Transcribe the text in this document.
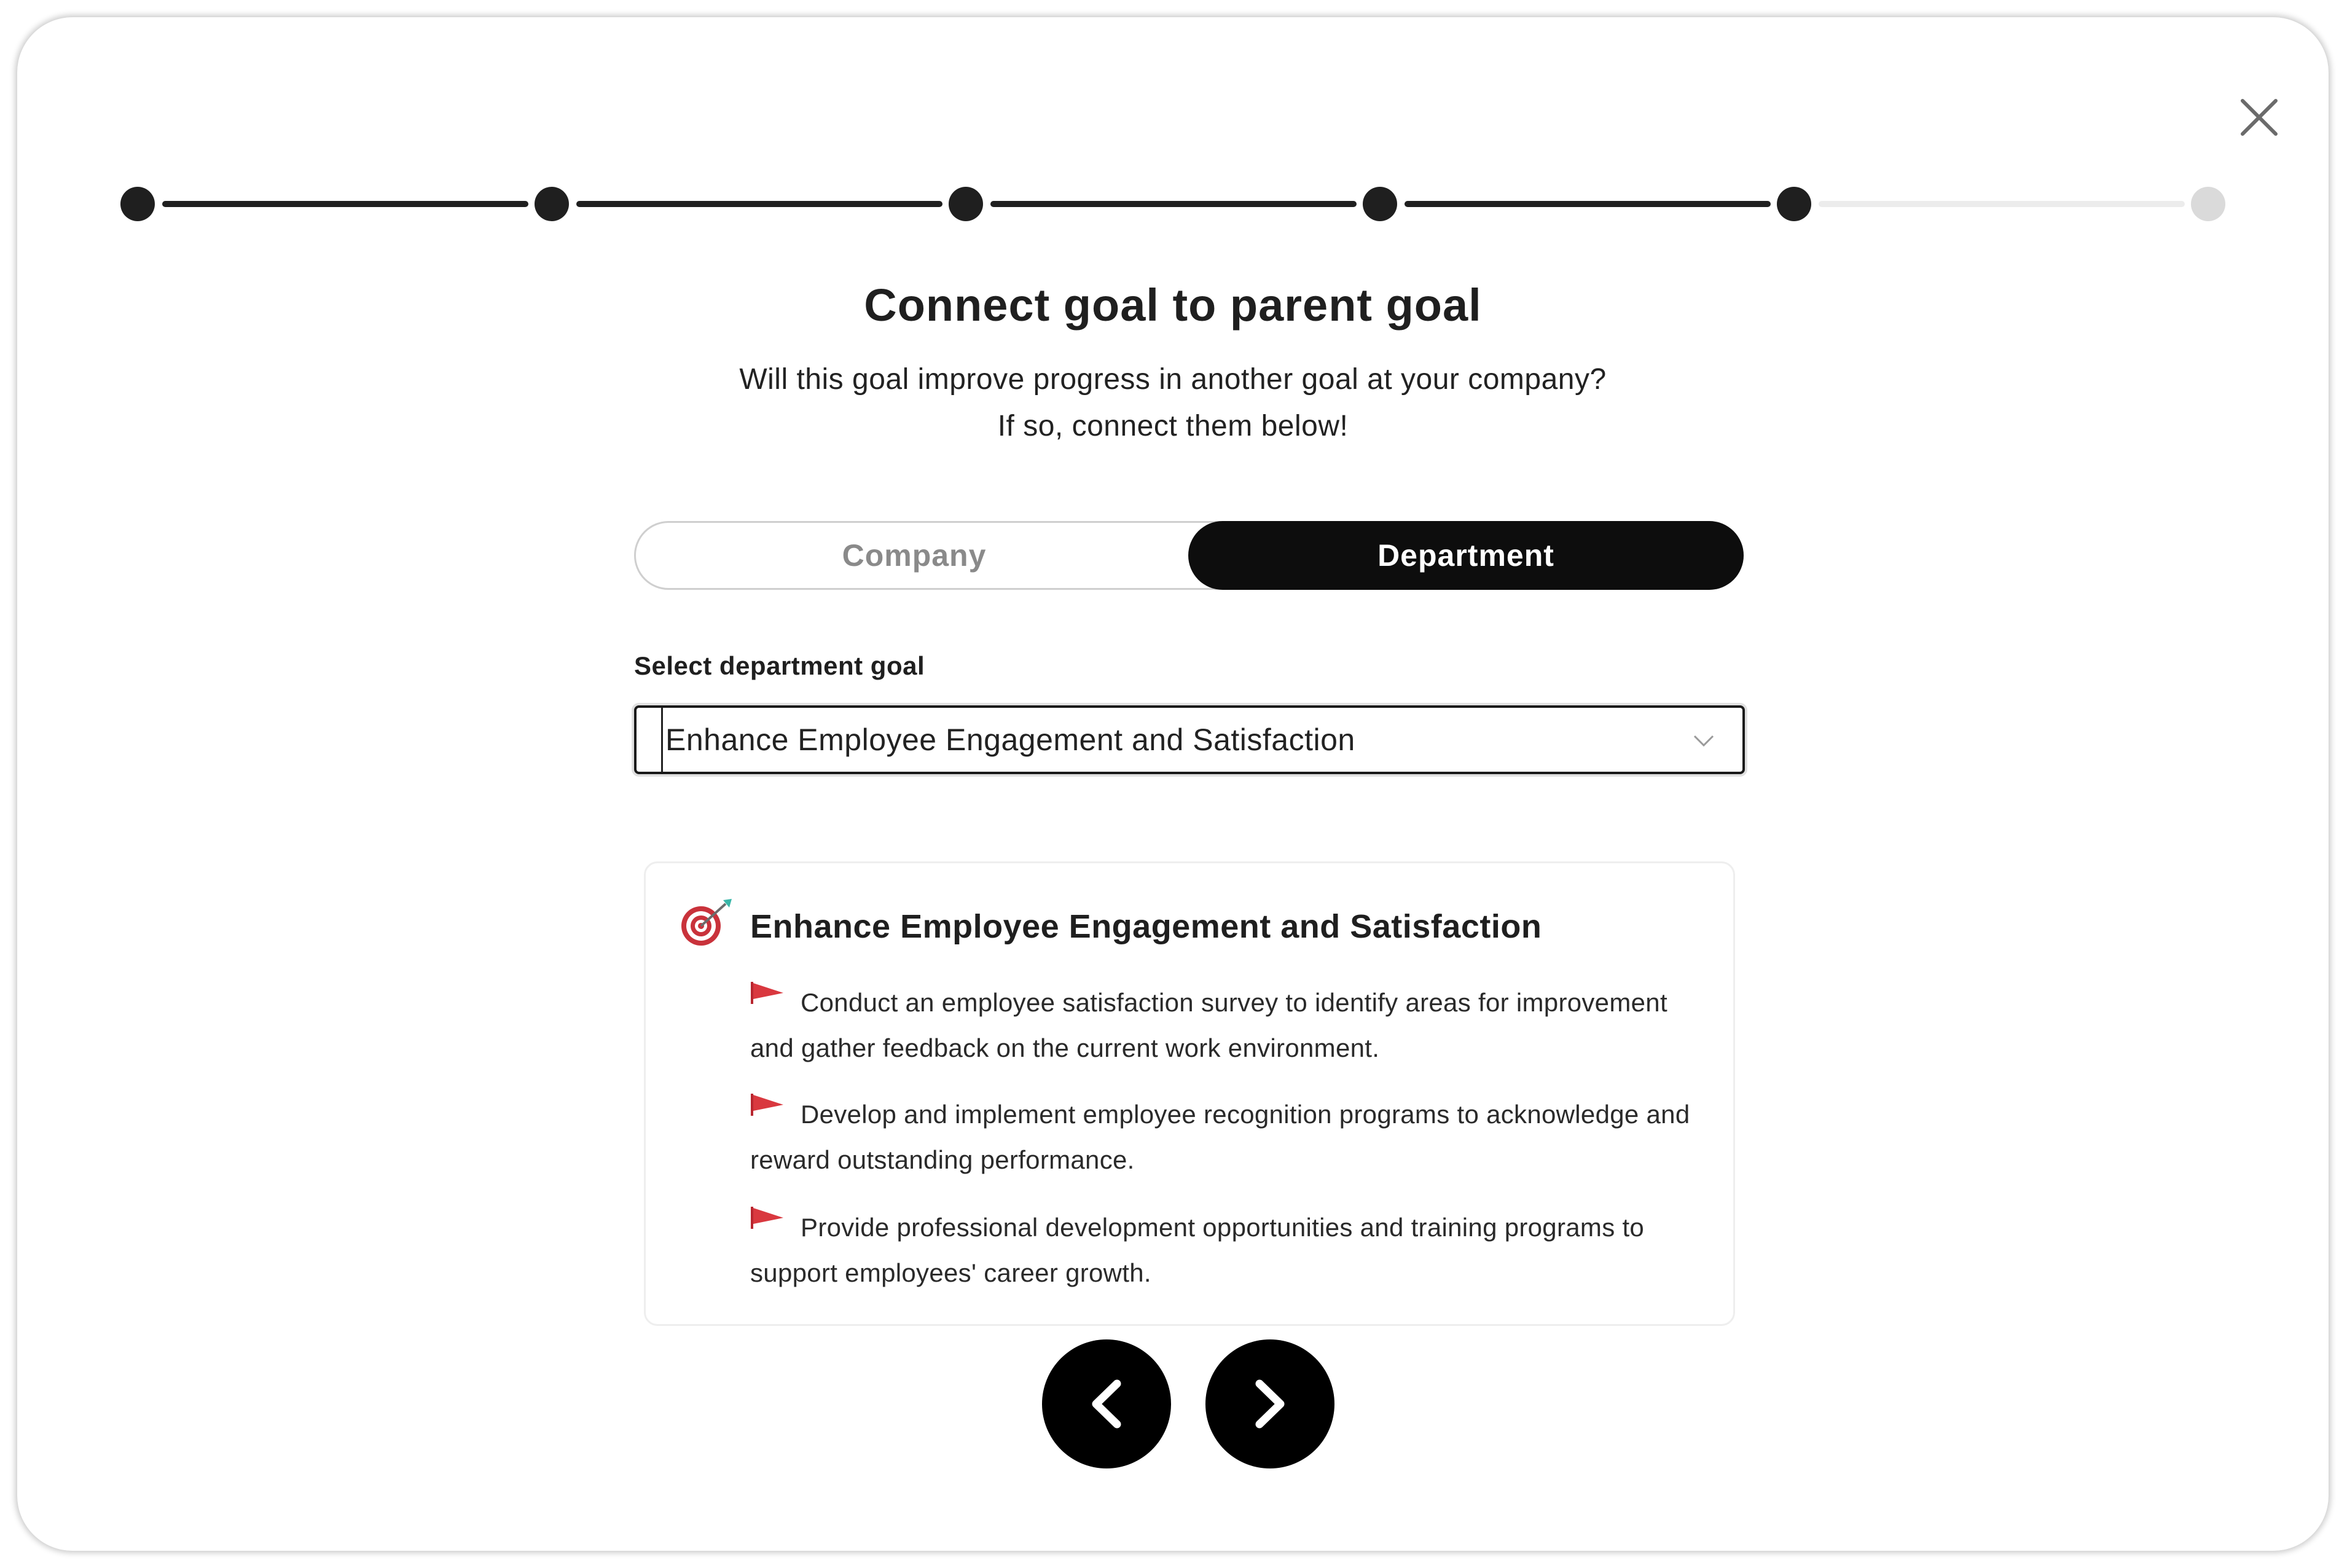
Connect goal to parent goal
Will this goal improve progress in another goal at your company?
If so, connect them below!
Company	Department
Select department goal
Enhance Employee Engagement and Satisfaction
Enhance Employee Engagement and Satisfaction
Conduct an employee satisfaction survey to identify areas for improvement and gather feedback on the current work environment.
Develop and implement employee recognition programs to acknowledge and reward outstanding performance.
Provide professional development opportunities and training programs to support employees' career growth.
